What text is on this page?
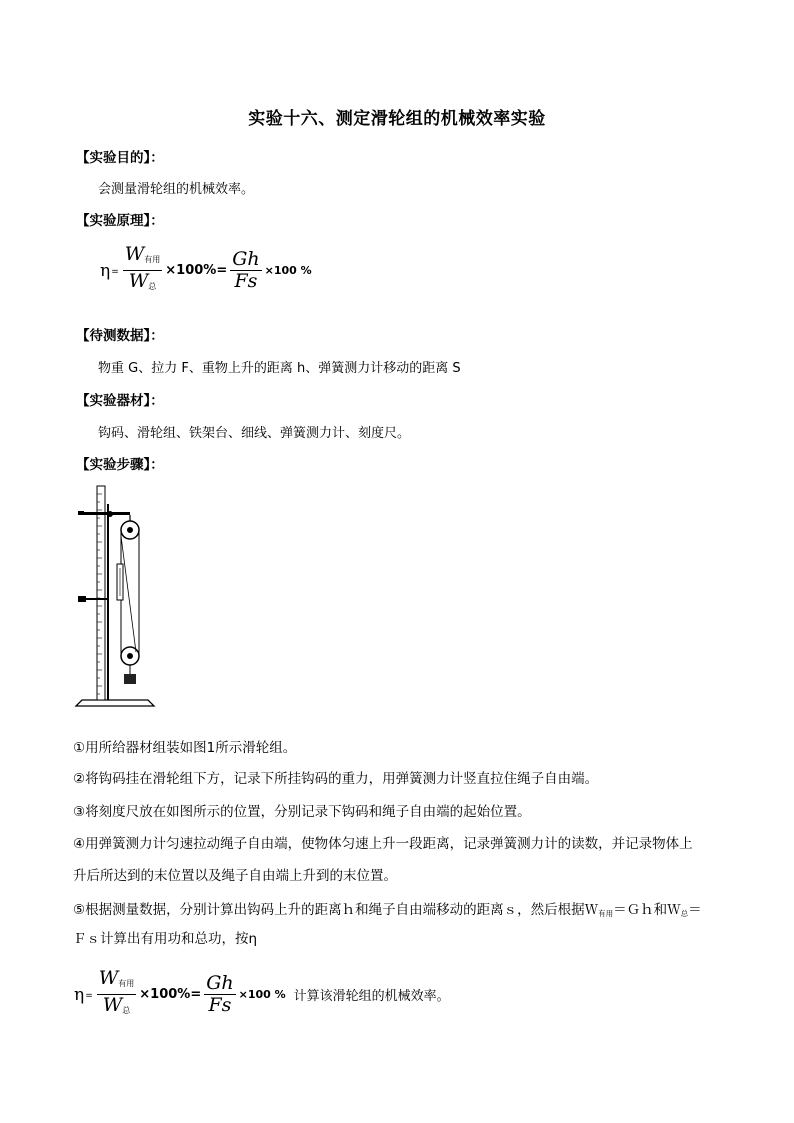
实验十六、测定滑轮组的机械效率实验
【实验目的】：
会测量滑轮组的机械效率。
【实验原理】：
$\eta = \frac{W_{有用}}{W_总} \times 100\%= \frac{Gh}{Fs} \times 100$ %
【待测数据】：
物重 G、拉力 F、重物上升的距离 h、弹簧测力计移动的距离 S
【实验器材】：
钩码、滑轮组、铁架台、细线、弹簧测力计、刻度尺。
【实验步骤】：
①用所给器材组装如图1所示滑轮组。
②将钩码挂在滑轮组下方，记录下所挂钩码的重力，用弹簧测力计竖直拉住绳子自由端。
③将刻度尺放在如图所示的位置，分别记录下钩码和绳子自由端的起始位置。
④用弹簧测力计匀速拉动绳子自由端，使物体匀速上升一段距离，记录弹簧测力计的读数，并记录物体上
升后所达到的末位置以及绳子自由端上升到的末位置。
⑤根据测量数据，分别计算出钩码上升的距离ｈ和绳子自由端移动的距离ｓ，然后根据Ｗ$_{有用}$＝Ｇｈ和Ｗ$_总$＝
Ｆｓ计算出有用功和总功，按η
$\eta = \frac{W_{有用}}{W_总} \times 100\%= \frac{Gh}{Fs} \times 100$ % 计算该滑轮组的机械效率。
